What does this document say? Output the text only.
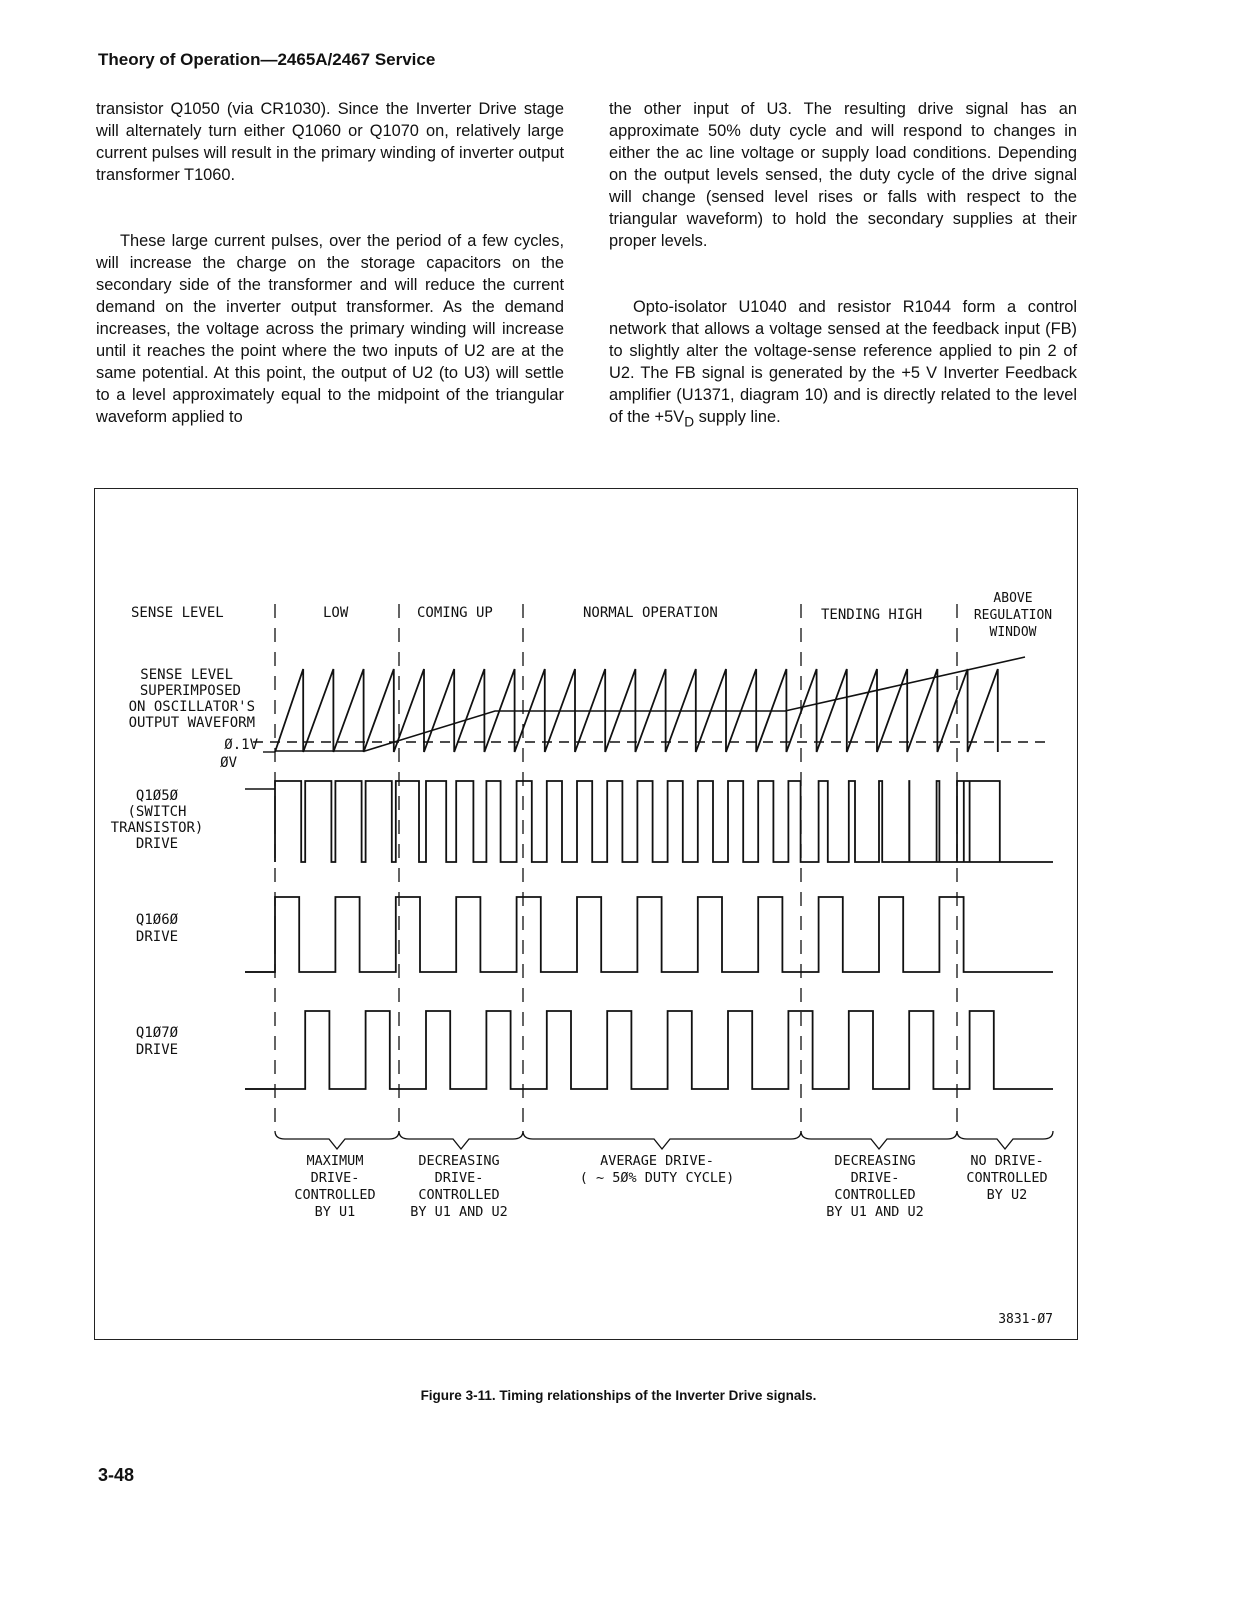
Theory of Operation—2465A/2467 Service

transistor Q1050 (via CR1030). Since the Inverter Drive stage will alternately turn either Q1060 or Q1070 on, relatively large current pulses will result in the primary winding of inverter output transformer T1060.

These large current pulses, over the period of a few cycles, will increase the charge on the storage capacitors on the secondary side of the transformer and will reduce the current demand on the inverter output transformer. As the demand increases, the voltage across the primary winding will increase until it reaches the point where the two inputs of U2 are at the same potential. At this point, the output of U2 (to U3) will settle to a level approximately equal to the midpoint of the triangular waveform applied to

the other input of U3. The resulting drive signal has an approximate 50% duty cycle and will respond to changes in either the ac line voltage or supply load conditions. Depending on the output levels sensed, the duty cycle of the drive signal will change (sensed level rises or falls with respect to the triangular waveform) to hold the secondary supplies at their proper levels.

Opto-isolator U1040 and resistor R1044 form a control network that allows a voltage sensed at the feedback input (FB) to slightly alter the voltage-sense reference applied to pin 2 of U2. The FB signal is generated by the +5 V Inverter Feedback amplifier (U1371, diagram 10) and is directly related to the level of the $+5V_D$ supply line.

SENSE LEVEL	LOW	COMING UP	NORMAL OPERATION	TENDING HIGH
ABOVE
REGULATION
WINDOW
SENSE LEVEL
SUPERIMPOSED
ON OSCILLATOR'S
OUTPUT WAVEFORM
Ø.1V
ØV
Q1Ø5Ø
(SWITCH
TRANSISTOR)
DRIVE
Q1Ø6Ø
DRIVE
Q1Ø7Ø
DRIVE
MAXIMUM
DRIVE-
CONTROLLED
BY U1
DECREASING
DRIVE-
CONTROLLED
BY U1 AND U2
AVERAGE DRIVE-
( ~ 5Ø% DUTY CYCLE)
DECREASING
DRIVE-
CONTROLLED
BY U1 AND U2
NO DRIVE-
CONTROLLED
BY U2
3831-Ø7
Figure 3-11. Timing relationships of the Inverter Drive signals.
3-48
